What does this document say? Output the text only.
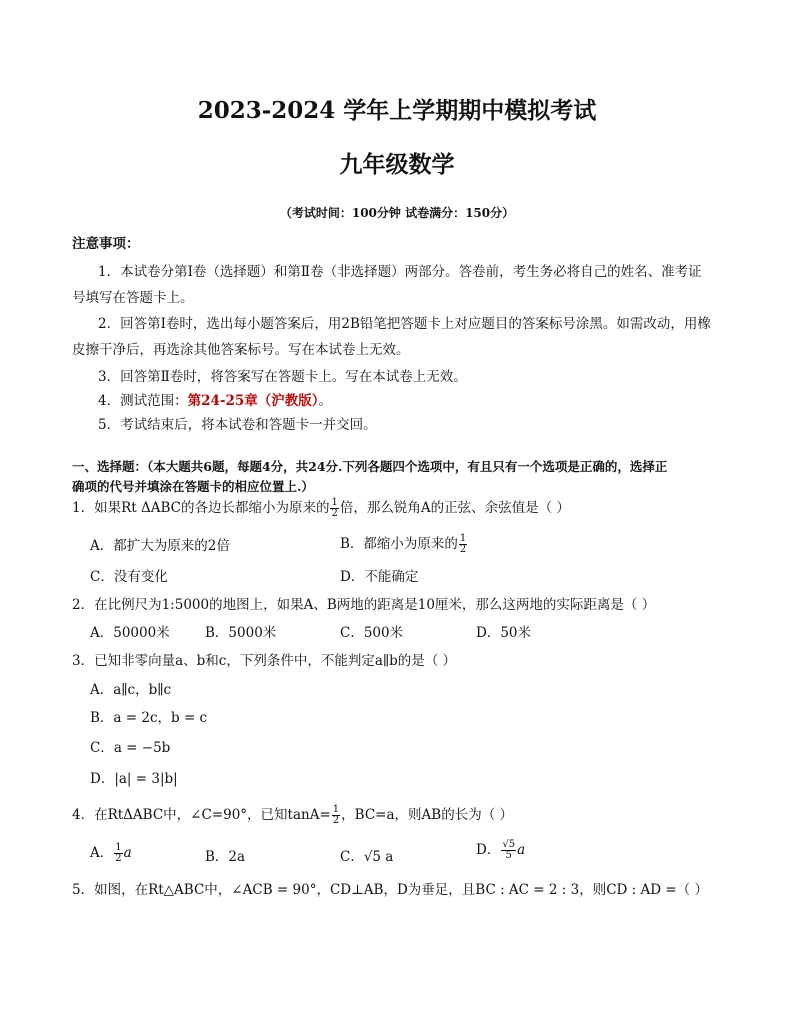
2023-2024 学年上学期期中模拟考试
九年级数学
（考试时间：100分钟 试卷满分：150分）
注意事项：
1．本试卷分第Ⅰ卷（选择题）和第Ⅱ卷（非选择题）两部分。答卷前，考生务必将自己的姓名、准考证
号填写在答题卡上。
2．回答第Ⅰ卷时，选出每小题答案后，用2B铅笔把答题卡上对应题目的答案标号涂黑。如需改动，用橡
皮擦干净后，再选涂其他答案标号。写在本试卷上无效。
3．回答第Ⅱ卷时，将答案写在答题卡上。写在本试卷上无效。
4．测试范围：第24-25章（沪教版）。
5．考试结束后，将本试卷和答题卡一并交回。
一、选择题：（本大题共6题，每题4分，共24分.下列各题四个选项中，有且只有一个选项是正确的，选择正
确项的代号并填涂在答题卡的相应位置上.）
1．如果Rt ΔABC的各边长都缩小为原来的 $\frac{1}{2}$ 倍，那么锐角A的正弦、余弦值是（ ）
A．都扩大为原来的2倍	B．都缩小为原来的 $\frac{1}{2}$
C．没有变化	D．不能确定
2．在比例尺为1:5000的地图上，如果A、B两地的距离是10厘米，那么这两地的实际距离是（ ）
A．50000米	B．5000米	C．500米	D．50米
3．已知非零向量a、b和c，下列条件中，不能判定a∥b的是（ ）
A．a∥c，b∥c
B．a = 2c，b = c
C．a = −5b
D．|a| = 3|b|
4．在RtΔABC中，∠C=90°，已知$\tan A= \frac{1}{2}$ ，BC=a，则AB的长为（ ）
A． $\frac{1}{2}$ a	B．2a	C．√5 a	D． $\frac{√5}{5}$ a
5．如图，在Rt△ABC中，∠ACB = 90°，CD⊥AB，D为垂足，且BC : AC = 2 : 3，则CD : AD =（ ）
